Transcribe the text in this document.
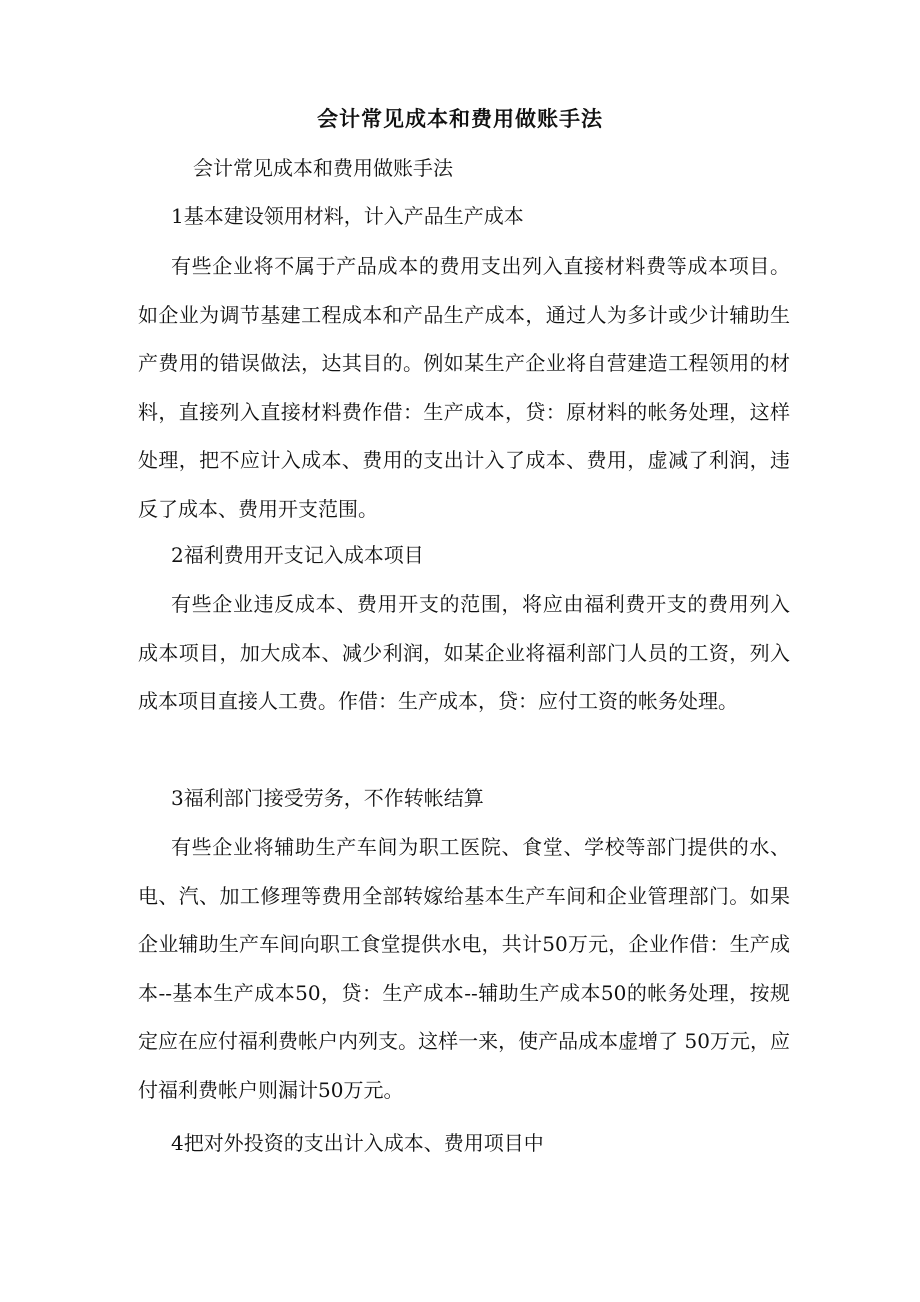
会计常见成本和费用做账手法
会计常见成本和费用做账手法
1基本建设领用材料，计入产品生产成本

有些企业将不属于产品成本的费用支出列入直接材料费等成本项目。如企业为调节基建工程成本和产品生产成本，通过人为多计或少计辅助生产费用的错误做法，达其目的。例如某生产企业将自营建造工程领用的材料，直接列入直接材料费作借：生产成本，贷：原材料的帐务处理，这样处理，把不应计入成本、费用的支出计入了成本、费用，虚减了利润，违反了成本、费用开支范围。

2福利费用开支记入成本项目

有些企业违反成本、费用开支的范围，将应由福利费开支的费用列入成本项目，加大成本、减少利润，如某企业将福利部门人员的工资，列入成本项目直接人工费。作借：生产成本，贷：应付工资的帐务处理。

3福利部门接受劳务，不作转帐结算

有些企业将辅助生产车间为职工医院、食堂、学校等部门提供的水、电、汽、加工修理等费用全部转嫁给基本生产车间和企业管理部门。如果企业辅助生产车间向职工食堂提供水电，共计50万元，企业作借：生产成本--基本生产成本50，贷：生产成本--辅助生产成本50的帐务处理，按规定应在应付福利费帐户内列支。这样一来，使产品成本虚增了 50万元，应付福利费帐户则漏计50万元。

4把对外投资的支出计入成本、费用项目中
